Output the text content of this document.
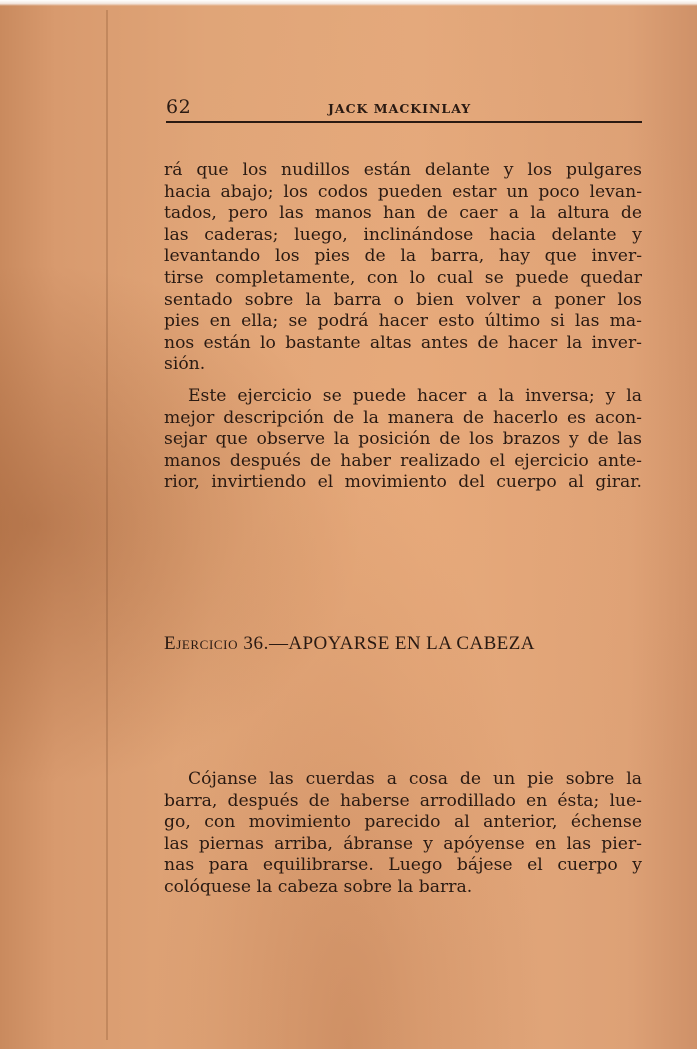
62	JACK MACKINLAY
rá que los nudillos están delante y los pulgares
hacia abajo; los codos pueden estar un poco levan-
tados, pero las manos han de caer a la altura de
las caderas; luego, inclinándose hacia delante y
levantando los pies de la barra, hay que inver-
tirse completamente, con lo cual se puede quedar
sentado sobre la barra o bien volver a poner los
pies en ella; se podrá hacer esto último si las ma-
nos están lo bastante altas antes de hacer la inver-
sión.
Este ejercicio se puede hacer a la inversa; y la
mejor descripción de la manera de hacerlo es acon-
sejar que observe la posición de los brazos y de las
manos después de haber realizado el ejercicio ante-
rior, invirtiendo el movimiento del cuerpo al girar.
Ejercicio 36.—APOYARSE EN LA CABEZA
Cójanse las cuerdas a cosa de un pie sobre la
barra, después de haberse arrodillado en ésta; lue-
go, con movimiento parecido al anterior, échense
las piernas arriba, ábranse y apóyense en las pier-
nas para equilibrarse. Luego bájese el cuerpo y
colóquese la cabeza sobre la barra.
